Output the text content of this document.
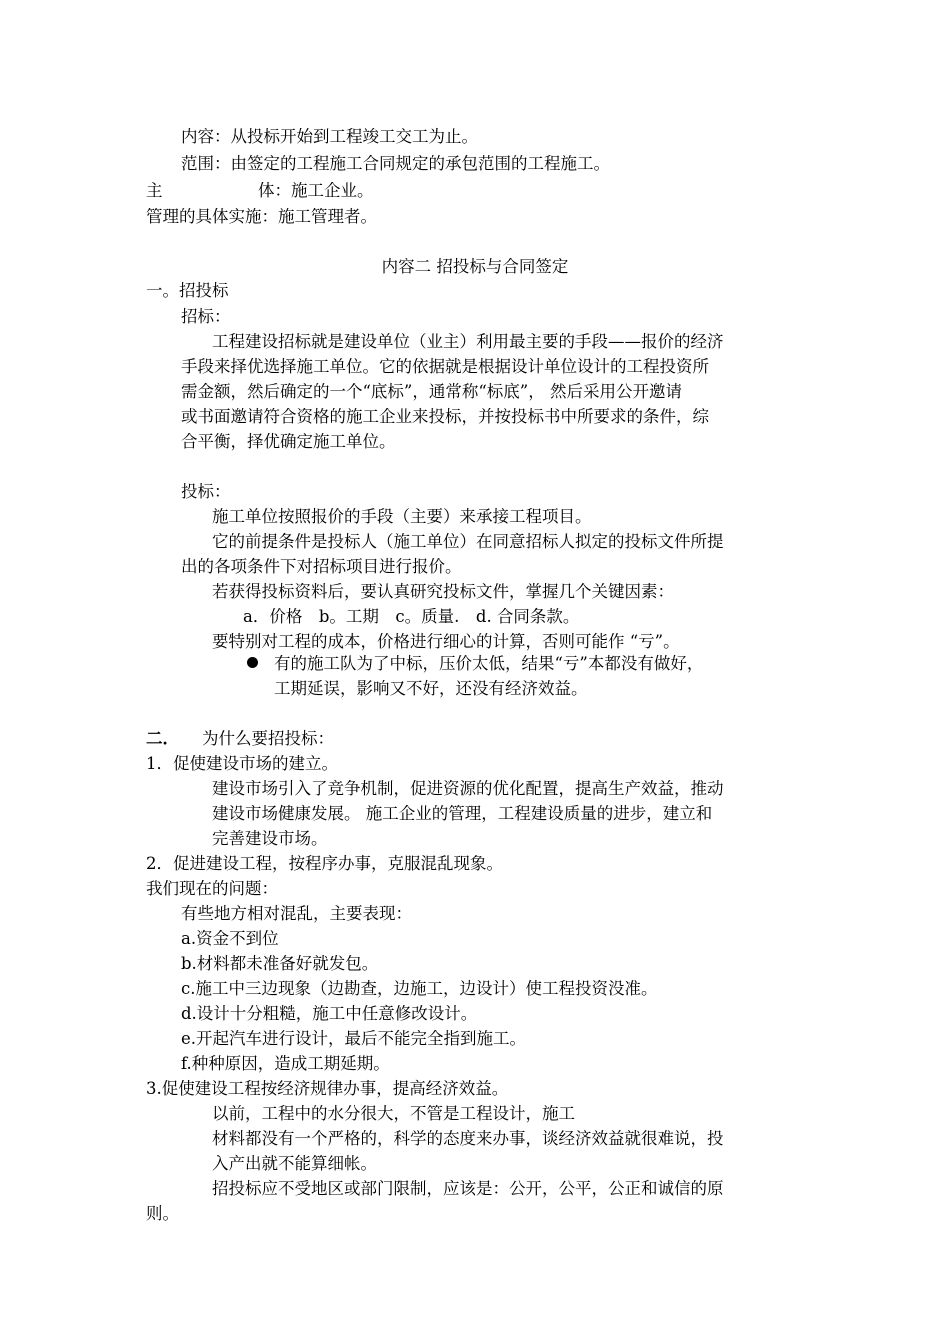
内容：从投标开始到工程竣工交工为止。

范围：由签定的工程施工合同规定的承包范围的工程施工。

主	体：施工企业。

管理的具体实施：施工管理者。

内容二 招投标与合同签定

一。招投标

招标：

工程建设招标就是建设单位（业主）利用最主要的手段——报价的经济

手段来择优选择施工单位。它的依据就是根据设计单位设计的工程投资所

需金额，然后确定的一个“底标”，通常称“标底”， 然后采用公开邀请

或书面邀请符合资格的施工企业来投标，并按投标书中所要求的条件，综

合平衡，择优确定施工单位。

投标：

施工单位按照报价的手段（主要）来承接工程项目。

它的前提条件是投标人（施工单位）在同意招标人拟定的投标文件所提

出的各项条件下对招标项目进行报价。

若获得投标资料后，要认真研究投标文件，掌握几个关键因素：

a．价格　b。工期　c。质量.　d. 合同条款。

要特别对工程的成本，价格进行细心的计算，否则可能作 “亏”。

有的施工队为了中标，压价太低，结果“亏”本都没有做好，

工期延误，影响又不好，还没有经济效益。

二． 为什么要招投标：

1．促使建设市场的建立。

建设市场引入了竞争机制，促进资源的优化配置，提高生产效益，推动

建设市场健康发展。 施工企业的管理，工程建设质量的进步，建立和

完善建设市场。

2．促进建设工程，按程序办事，克服混乱现象。

我们现在的问题：

有些地方相对混乱，主要表现：

a.资金不到位

b.材料都未准备好就发包。

c.施工中三边现象（边勘查，边施工，边设计）使工程投资没准。

d.设计十分粗糙，施工中任意修改设计。

e.开起汽车进行设计，最后不能完全指到施工。

f.种种原因，造成工期延期。

3.促使建设工程按经济规律办事，提高经济效益。

以前，工程中的水分很大，不管是工程设计，施工

材料都没有一个严格的，科学的态度来办事，谈经济效益就很难说，投

入产出就不能算细帐。

招投标应不受地区或部门限制，应该是：公开，公平，公正和诚信的原

则。
